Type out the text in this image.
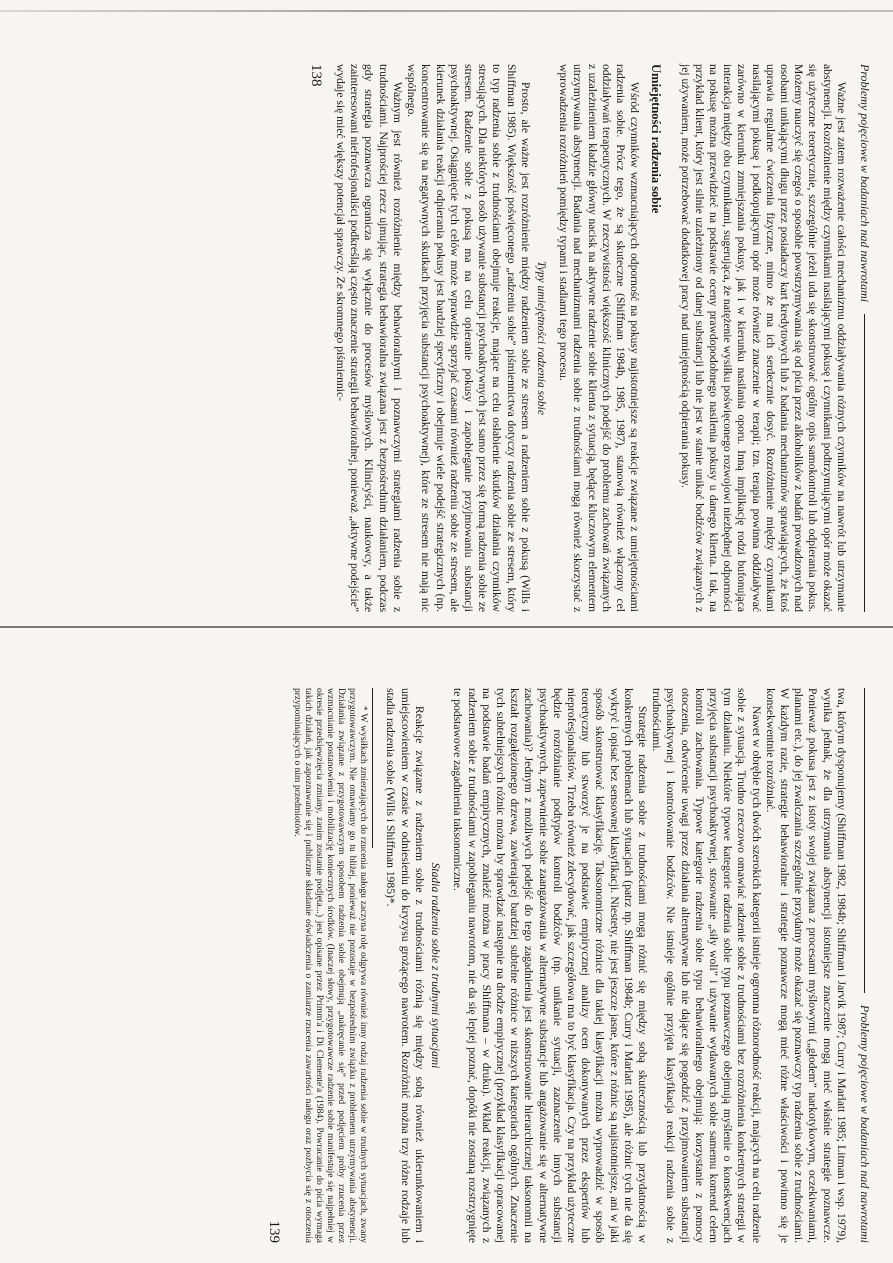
Problemy pojęciowe w badaniach nad nawrotami

Ważne jest zatem rozważenie całości mechanizmu oddziaływania różnych czynników na nawrót lub utrzymanie abstynencji. Rozróżnienie między czynnikami nasilającymi pokusę i czynnikami podtrzymującymi opór może okazać się użyteczne teoretycznie, szczególnie jeżeli uda się skonstruować ogólny opis samokontroli lub odpierania pokus. Możemy nauczyć się czegoś o sposobie powstrzymywania się od picia przez alkoholików z badań prowadzonych nad osobami unikającymi długu przez posiadaczy kart kredytowych lub z badania mechanizmów sprawiających, że ktoś uprawia regularne ćwiczenia fizyczne, mimo że ma ich serdecznie dosyć. Rozróżnienie między czynnikami nasilającymi pokusę i podkopującymi opór może również znaczenie w terapii; tzn. terapia powinna oddziaływać zarówno w kierunku zmniejszania pokusy, jak i w kierunku nasilania oporu. Inną implikację rodzi bufonująca interakcja między obu czynnikami, sugerująca, że natężenie wysiłku poświęconego rozwojowi niezbędnej odporności na pokusę można przewidzieć na podstawie oceny prawdopodobnego nasilenia pokusy u danego klienta. I tak, na przykład klient, który jest silnie uzależniony od danej substancji lub nie jest w stanie unikać bodźców związanych z jej używaniem, może potrzebować dodatkowej pracy nad umiejętnością odpierania pokusy.

Umiejętności radzenia sobie

Wśród czynników wzmacniających odporność na pokusy najistotniejsze są reakcje związane z umiejętnościami radzenia sobie. Prócz tego, że są skuteczne (Shiffman 1984b, 1985, 1987), stanowią również włączony cel oddziaływań terapeutycznych. W rzeczywistości większość klinicznych podejść do problemu zachowań związanych z uzależnieniem kładzie główny nacisk na aktywne radzenie sobie klienta z sytuacją, będące kluczowym elementem utrzymywania abstynencji. Badania nad mechanizmami radzenia sobie z trudnościami mogą również skorzystać z wprowadzenia rozróżnień pomiędzy typami i stadiami tego procesu.

Typy umiejętności radzenia sobie

Prosto, ale ważne jest rozróżnienie między radzeniem sobie ze stresem a radzeniem sobie z pokusą (Wills i Shiffman 1985). Większość poświęconego „radzeniu sobie” piśmiennictwa dotyczy radzenia sobie ze stresem, który to typ radzenia sobie z trudnościami obejmuje reakcje, mające na celu osłabienie skutków działania czynników stresujących. Dla niektórych osób używanie substancji psychoaktywnych jest samo przez się formą radzenia sobie ze stresem. Radzenie sobie z pokusą ma na celu opieranie pokusy i zapobieganie przyjmowaniu substancji psychoaktywnej. Osiągnięcie tych celów może wprawdzie sprzyjać czasami również radzeniu sobie ze stresem, ale kierunek działania reakcji odpierania pokusy jest bardziej specyficzny i obejmuje wiele podejść strategicznych (np. koncentrowanie się na negatywnych skutkach przyjęcia substancji psychoaktywnej), które ze stresem nie mają nic wspólnego.

Ważnym jest również rozróżnienie między behawioralnymi i poznawczymi strategiami radzenia sobie z trudnościami. Najprościej rzecz ujmując, strategia behawioralna związana jest z bezpośrednim działaniem, podczas gdy strategia poznawcza ogranicza się wyłącznie do procesów myślowych. Klinicyści, naukowcy, a także zainteresowani niefrofesjonaliści podkreślają często znaczenie strategii behawioralnej, ponieważ „aktywne podejście” wydaje się mieć większy potencjał sprawczy. Ze skromnego piśmiennic-

138
Problemy pojęciowe w badaniach nad nawrotami

twa, którym dysponujemy (Shiffman 1982, 1984b; Shiffman i Jarvik 1987; Curry i Marlatt 1985; Litman i wsp. 1979), wynika jednak, że dla utrzymania abstynencji istotniejsze znaczenie mogą mieć właśnie strategie poznawcze. Ponieważ pokusa jest z istoty swojej związana z procesami myślowymi („głodem” narkotykowym, oczekiwaniami, planami etc.), do jej zwalczania szczególnie przydatny może okazać się poznawczy typ radzenia sobie z trudnościami. W każdym razie, strategie behawioralne i strategie poznawcze mogą mieć różne właściwości i powinno się je konsekwentnie rozróżniać.

Nawet w obrębie tych dwóch szerokich kategorii istnieje ogromna różnorodność reakcji, mających na celu radzenie sobie z sytuacją. Trudno rzeczowo omawiać radzenie sobie z trudnościami bez rozróżnienia konkretnych strategii w tym działaniu. Niektóre typowe kategorie radzenia sobie typu poznawczego obejmują myślenie o konsekwencjach przyjęcia substancji psychoaktywnej, stosowanie „siły woli” i używanie wydawanych sobie samemu komend celem kontroli zachowania. Typowe kategorie radzenia sobie typu behawioralnego obejmują: korzystanie z pomocy otoczenia, odwrócenie uwagi przez działania alternatywne lub nie dające się pogodzić z przyjmowaniem substancji psychoaktywnej i kontrolowanie bodźców. Nie istnieje ogólnie przyjęta klasyfikacja reakcji radzenia sobie z trudnościami.

Strategie radzenia sobie z trudnościami mogą różnić się między sobą skutecznością lub przydatnością w konkretnych problemach lub sytuacjach (patrz np. Shiffman 1984b; Curry i Marlatt 1985), ale różnic tych nie da się wykryć i opisać bez sensownej klasyfikacji. Niestety, nie jest jeszcze jasne, które z różnic są najistotniejsze, ani w jaki sposób skonstruować klasyfikację. Taksonomiczne różnice dla takiej klasyfikacji można wyprowadzić w sposób teoretyczny lub stworzyć je na podstawie empirycznej analizy ocen dokonywanych przez ekspertów lub nieprofesjonalistów. Trzeba również zdecydować, jak szczegółowa ma to być klasyfikacja. Czy na przykład użyteczne będzie rozróżnianie podtypów kontroli bodźców (np. unikanie sytuacji, zaznaczenie innych substancji psychoaktywnych, zapewnienie sobie zaangażowania w alternatywne substancje lub angażowanie się w alternatywne zachowania)? Jednym z możliwych podejść do tego zagadnienia jest skonstruowanie hierarchicznej taksonomii na kształt rozgałęzionego drzewa, zawierającej bardziej subtelne różnice w niższych kategoriach ogólnych. Znaczenie tych subtelniejszych różnic można by sprawdzać następnie na drodze empirycznej (przykład klasyfikacji opracowanej na podstawie badań empirycznych, znaleźć można w pracy Shiffmana – w druku). Wkład reakcji, związanych z radzeniem sobie z trudnościami w zapobieganiu nawrotom, nie da się lepiej poznać, dopóki nie zostaną rozstrzygnięte te podstawowe zagadnienia taksonomiczne.

Stadia radzenia sobie z trudnymi sytuacjami

Reakcje związane z radzeniem sobie z trudnościami różnią się między sobą również ukierunkowaniem i umiejscowieniem w czasie w odniesieniu do kryzysu grożącego nawrotem. Rozróżnić można trzy różne rodzaje lub stadia radzenia sobie (Wills i Shiffman 1985)*.

* W wysiłkach zmierzających do rzucenia nałogu zaczyna rolę odgrywa również inny rodzaj radzenia sobie w trudnych sytuacjach, zwany przygotowawczym. Nie omawiamy go tu bliżej, ponieważ nie pozostaje w bezpośrednim związku z problemem utrzymywania abstynencji. Działania związane z przygotowawczym sposobem radzenia sobie obejmują „nakręcanie się” przed podjęciem próby rzucenia przez wzmacnianie postanowienia i mobilizację koniecznych środków. (Inaczej słowy, przygotowawcze radzenie sobie manifestuje się najpełniej w okresie przedsięwzięcia zmiany, zanim zostanie podjęta...) jest opisane przez Primm'a i Di Clemente'a (1984). Powracanie do picia wymaga takich działań, jak zapoznawanie się i publiczne składanie oświadczenia o zamiarze rzucenia zawartości nałogu oraz pozbycia się z otoczenia przypominających o nim przedmiotów.

139
